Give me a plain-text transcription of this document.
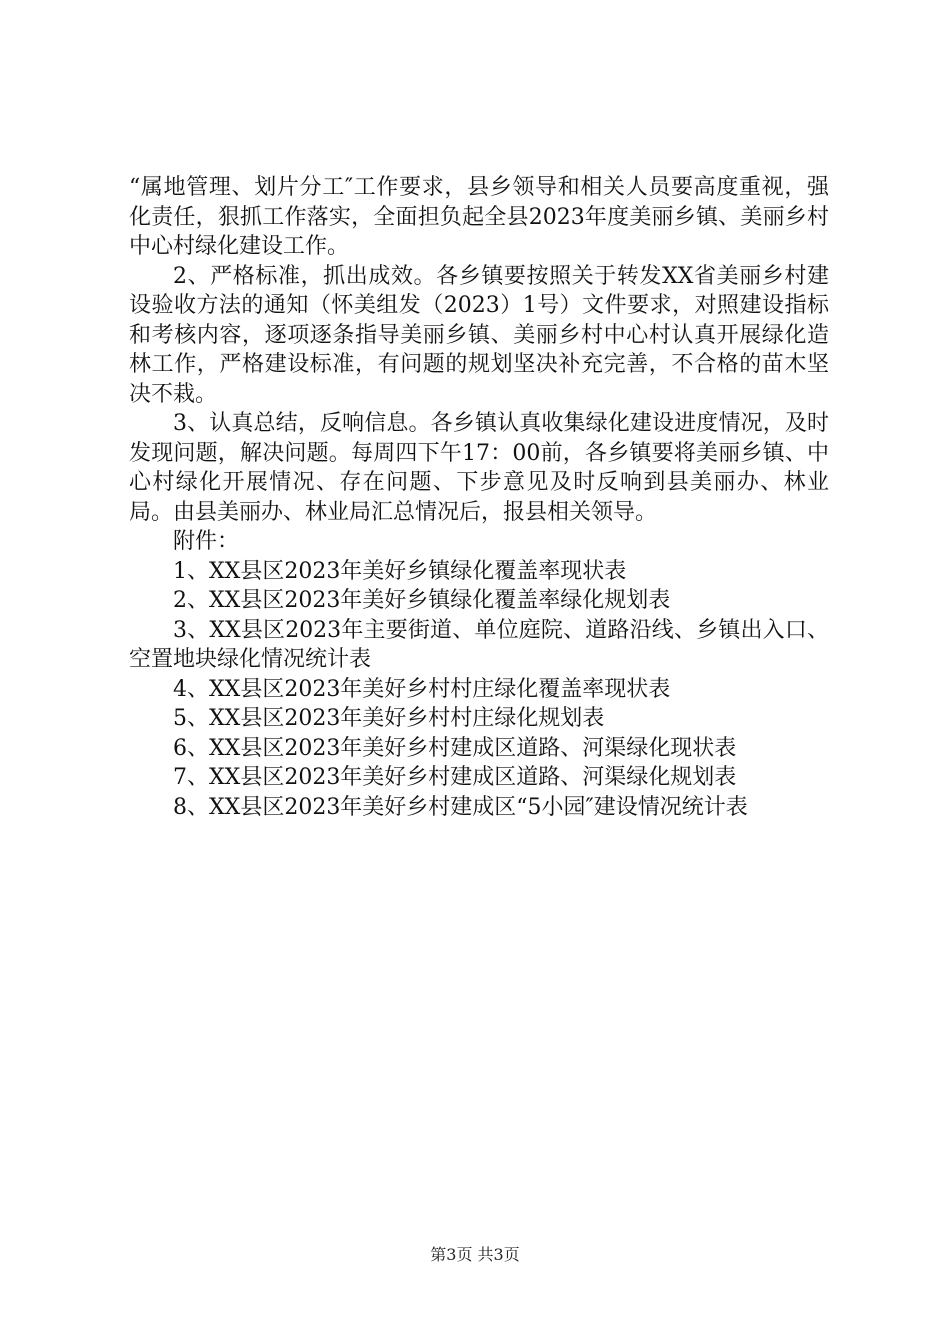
“属地管理、划片分工″工作要求，县乡领导和相关人员要高度重视，强化责任，狠抓工作落实，全面担负起全县2023年度美丽乡镇、美丽乡村中心村绿化建设工作。

2、严格标准，抓出成效。各乡镇要按照关于转发XX省美丽乡村建设验收方法的通知（怀美组发（2023）1号）文件要求，对照建设指标和考核内容，逐项逐条指导美丽乡镇、美丽乡村中心村认真开展绿化造林工作，严格建设标准，有问题的规划坚决补充完善，不合格的苗木坚决不栽。

3、认真总结，反响信息。各乡镇认真收集绿化建设进度情况，及时发现问题，解决问题。每周四下午17：00前，各乡镇要将美丽乡镇、中心村绿化开展情况、存在问题、下步意见及时反响到县美丽办、林业局。由县美丽办、林业局汇总情况后，报县相关领导。

附件：

1、XX县区2023年美好乡镇绿化覆盖率现状表

2、XX县区2023年美好乡镇绿化覆盖率绿化规划表

3、XX县区2023年主要街道、单位庭院、道路沿线、乡镇出入口、空置地块绿化情况统计表

4、XX县区2023年美好乡村村庄绿化覆盖率现状表

5、XX县区2023年美好乡村村庄绿化规划表

6、XX县区2023年美好乡村建成区道路、河渠绿化现状表

7、XX县区2023年美好乡村建成区道路、河渠绿化规划表

8、XX县区2023年美好乡村建成区“5小园″建设情况统计表

第3页 共3页
